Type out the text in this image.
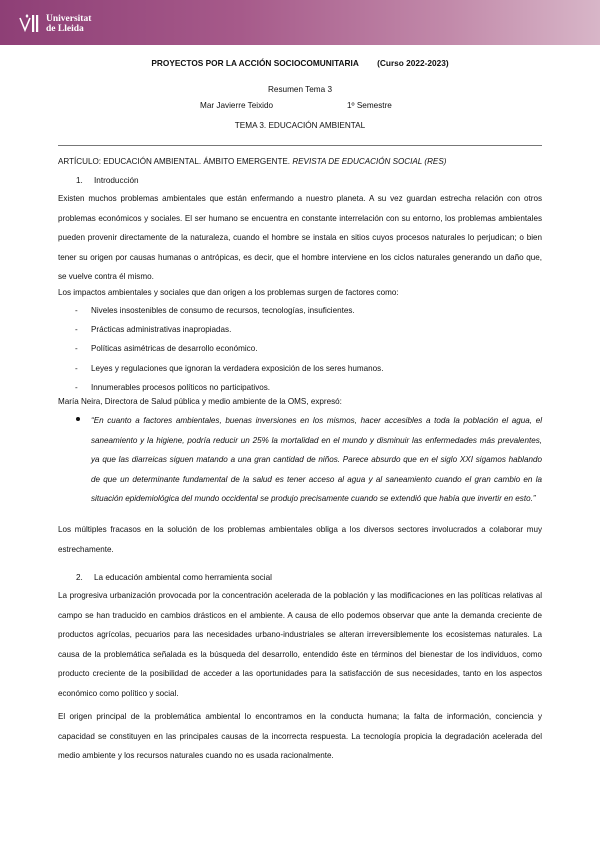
Universitat
de Lleida
PROYECTOS POR LA ACCIÓN SOCIOCOMUNITARIA (Curso 2022-2023)
Resumen Tema 3
Mar Javierre Teixido	1º Semestre
TEMA 3. EDUCACIÓN AMBIENTAL
ARTÍCULO: EDUCACIÓN AMBIENTAL. ÁMBITO EMERGENTE. REVISTA DE EDUCACIÓN SOCIAL (RES)
1. Introducción
Existen muchos problemas ambientales que están enfermando a nuestro planeta. A su vez guardan estrecha relación con otros problemas económicos y sociales. El ser humano se encuentra en constante interrelación con su entorno, los problemas ambientales pueden provenir directamente de la naturaleza, cuando el hombre se instala en sitios cuyos procesos naturales lo perjudican; o bien tener su origen por causas humanas o antrópicas, es decir, que el hombre interviene en los ciclos naturales generando un daño que, se vuelve contra él mismo.
Los impactos ambientales y sociales que dan origen a los problemas surgen de factores como:
- Niveles insostenibles de consumo de recursos, tecnologías, insuficientes.
- Prácticas administrativas inapropiadas.
- Políticas asimétricas de desarrollo económico.
- Leyes y regulaciones que ignoran la verdadera exposición de los seres humanos.
- Innumerables procesos políticos no participativos.
María Neira, Directora de Salud pública y medio ambiente de la OMS, expresó:
“En cuanto a factores ambientales, buenas inversiones en los mismos, hacer accesibles a toda la población el agua, el saneamiento y la higiene, podría reducir un 25% la mortalidad en el mundo y disminuir las enfermedades más prevalentes, ya que las diarreicas siguen matando a una gran cantidad de niños. Parece absurdo que en el siglo XXI sigamos hablando de que un determinante fundamental de la salud es tener acceso al agua y al saneamiento cuando el gran cambio en la situación epidemiológica del mundo occidental se produjo precisamente cuando se extendió que había que invertir en esto.”
Los múltiples fracasos en la solución de los problemas ambientales obliga a los diversos sectores involucrados a colaborar muy estrechamente.
2. La educación ambiental como herramienta social
La progresiva urbanización provocada por la concentración acelerada de la población y las modificaciones en las políticas relativas al campo se han traducido en cambios drásticos en el ambiente. A causa de ello podemos observar que ante la demanda creciente de productos agrícolas, pecuarios para las necesidades urbano-industriales se alteran irreversiblemente los ecosistemas naturales. La causa de la problemática señalada es la búsqueda del desarrollo, entendido éste en términos del bienestar de los individuos, como producto creciente de la posibilidad de acceder a las oportunidades para la satisfacción de sus necesidades, tanto en los aspectos económico como político y social.
El origen principal de la problemática ambiental lo encontramos en la conducta humana; la falta de información, conciencia y capacidad se constituyen en las principales causas de la incorrecta respuesta. La tecnología propicia la degradación acelerada del medio ambiente y los recursos naturales cuando no es usada racionalmente.
